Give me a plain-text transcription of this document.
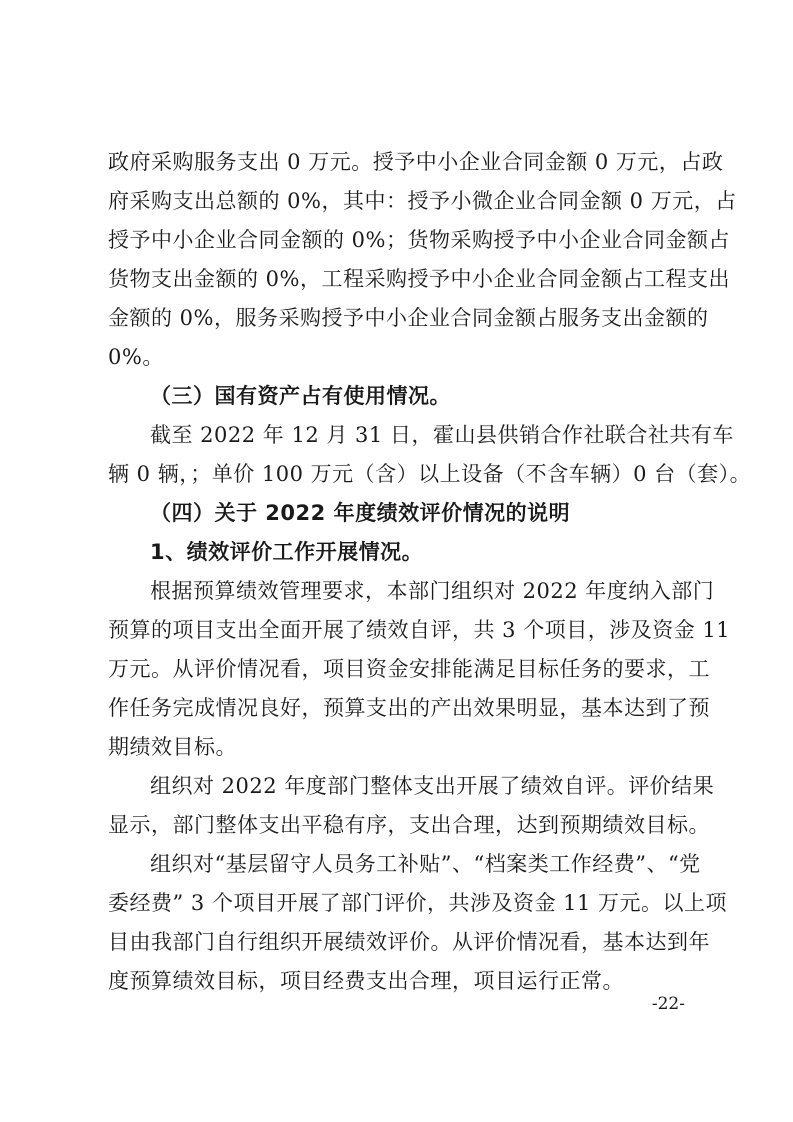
政府采购服务支出 0 万元。授予中小企业合同金额 0 万元，占政
府采购支出总额的 0%，其中：授予小微企业合同金额 0 万元，占
授予中小企业合同金额的 0%；货物采购授予中小企业合同金额占
货物支出金额的 0%，工程采购授予中小企业合同金额占工程支出
金额的 0%，服务采购授予中小企业合同金额占服务支出金额的
0%。
（三）国有资产占有使用情况。
截至 2022 年 12 月 31 日，霍山县供销合作社联合社共有车
辆 0 辆，；单价 100 万元（含）以上设备（不含车辆）0 台（套）。
（四）关于 2022 年度绩效评价情况的说明
1、绩效评价工作开展情况。
根据预算绩效管理要求，本部门组织对 2022 年度纳入部门
预算的项目支出全面开展了绩效自评，共 3 个项目，涉及资金 11
万元。从评价情况看，项目资金安排能满足目标任务的要求，工
作任务完成情况良好，预算支出的产出效果明显，基本达到了预
期绩效目标。
组织对 2022 年度部门整体支出开展了绩效自评。评价结果
显示，部门整体支出平稳有序，支出合理，达到预期绩效目标。
组织对“基层留守人员务工补贴”、“档案类工作经费”、“党
委经费” 3 个项目开展了部门评价，共涉及资金 11 万元。以上项
目由我部门自行组织开展绩效评价。从评价情况看，基本达到年
度预算绩效目标，项目经费支出合理，项目运行正常。
-22-
